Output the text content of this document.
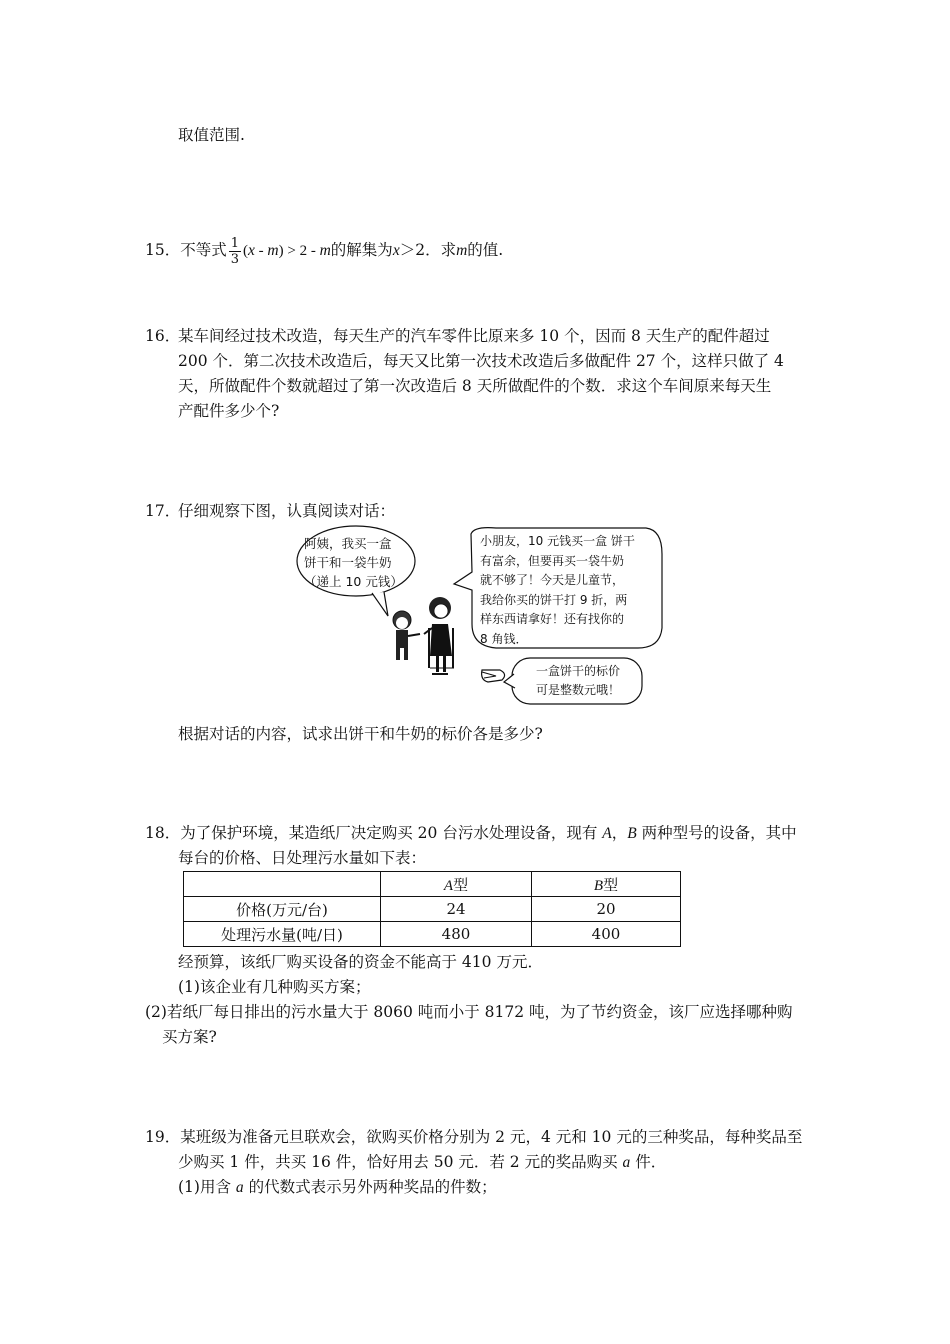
取值范围.
15．不等式 $\frac{1}{3} (x - m) > 2 - m$的解集为x＞2．求m的值.
16．
某车间经过技术改造，每天生产的汽车零件比原来多 10 个，因而 8 天生产的配件超过
200 个．第二次技术改造后，每天又比第一次技术改造后多做配件 27 个，这样只做了 4
天，所做配件个数就超过了第一次改造后 8 天所做配件的个数．求这个车间原来每天生
产配件多少个?
17．
仔细观察下图，认真阅读对话：
阿姨，我买一盒
饼干和一袋牛奶
（递上 10 元钱）
小朋友，10 元钱买一盒 饼干
有富余，但要再买一袋牛奶
就不够了！今天是儿童节，
我给你买的饼干打 9 折，两
样东西请拿好！还有找你的
8 角钱．
一盒饼干的标价
可是整数元哦！
根据对话的内容，试求出饼干和牛奶的标价各是多少?
18．为了保护环境，某造纸厂决定购买 20 台污水处理设备，现有 A，B 两种型号的设备，其中
每台的价格、日处理污水量如下表：
	A型	B型
价格(万元/台)	24	20
处理污水量(吨/日)	480	400
经预算，该纸厂购买设备的资金不能高于 410 万元．
(1)该企业有几种购买方案；
(2)若纸厂每日排出的污水量大于 8060 吨而小于 8172 吨，为了节约资金，该厂应选择哪种购
买方案?
19．某班级为准备元旦联欢会，欲购买价格分别为 2 元，4 元和 10 元的三种奖品，每种奖品至
少购买 1 件，共买 16 件，恰好用去 50 元．若 2 元的奖品购买 a 件．
(1)用含 a 的代数式表示另外两种奖品的件数；
